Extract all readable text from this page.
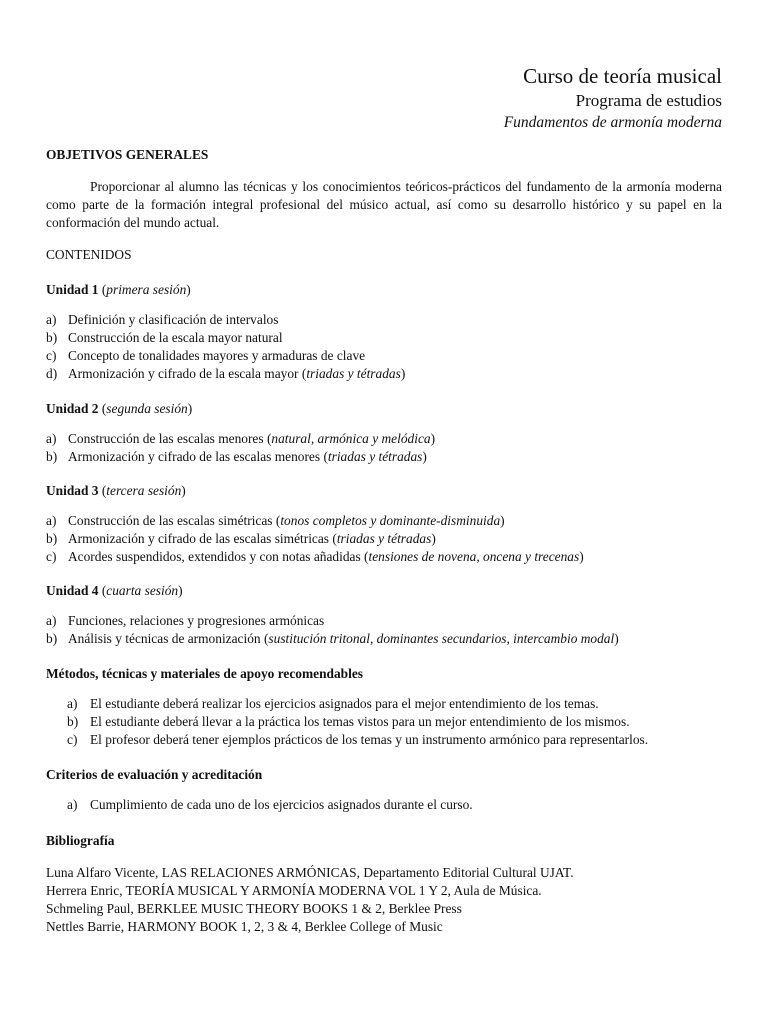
Curso de teoría musical
Programa de estudios
Fundamentos de armonía moderna
OBJETIVOS GENERALES
Proporcionar al alumno las técnicas y los conocimientos teóricos-prácticos del fundamento de la armonía moderna como parte de la formación integral profesional del músico actual, así como su desarrollo histórico y su papel en la conformación del mundo actual.
CONTENIDOS
Unidad 1 (primera sesión)
a) Definición y clasificación de intervalos
b) Construcción de la escala mayor natural
c) Concepto de tonalidades mayores y armaduras de clave
d) Armonización y cifrado de la escala mayor (triadas y tétradas)
Unidad 2 (segunda sesión)
a) Construcción de las escalas menores (natural, armónica y melódica)
b) Armonización y cifrado de las escalas menores (triadas y tétradas)
Unidad 3 (tercera sesión)
a) Construcción de las escalas simétricas (tonos completos y dominante-disminuida)
b) Armonización y cifrado de las escalas simétricas (triadas y tétradas)
c) Acordes suspendidos, extendidos y con notas añadidas (tensiones de novena, oncena y trecenas)
Unidad 4 (cuarta sesión)
a) Funciones, relaciones y progresiones armónicas
b) Análisis y técnicas de armonización (sustitución tritonal, dominantes secundarios, intercambio modal)
Métodos, técnicas y materiales de apoyo recomendables
a) El estudiante deberá realizar los ejercicios asignados para el mejor entendimiento de los temas.
b) El estudiante deberá llevar a la práctica los temas vistos para un mejor entendimiento de los mismos.
c) El profesor deberá tener ejemplos prácticos de los temas y un instrumento armónico para representarlos.
Criterios de evaluación y acreditación
a) Cumplimiento de cada uno de los ejercicios asignados durante el curso.
Bibliografía
Luna Alfaro Vicente, LAS RELACIONES ARMÓNICAS, Departamento Editorial Cultural UJAT.
Herrera Enric, TEORÍA MUSICAL Y ARMONÍA MODERNA VOL 1 Y 2, Aula de Música.
Schmeling Paul, BERKLEE MUSIC THEORY BOOKS 1 & 2, Berklee Press
Nettles Barrie, HARMONY BOOK 1, 2, 3 & 4, Berklee College of Music
